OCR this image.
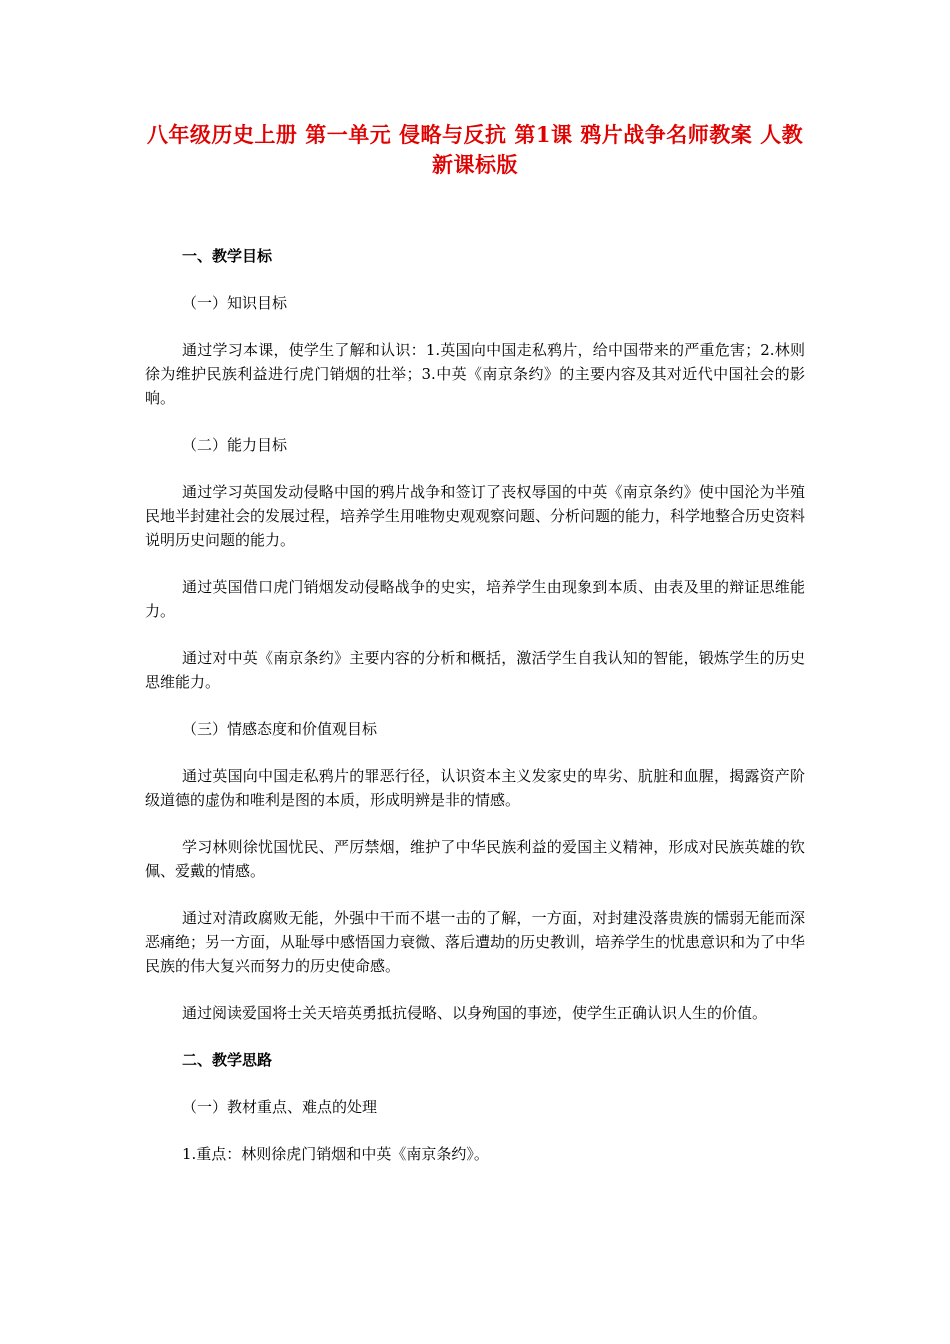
八年级历史上册 第一单元 侵略与反抗 第1课 鸦片战争名师教案 人教新课标版
一、教学目标
（一）知识目标
通过学习本课，使学生了解和认识：1.英国向中国走私鸦片，给中国带来的严重危害；2.林则徐为维护民族利益进行虎门销烟的壮举；3.中英《南京条约》的主要内容及其对近代中国社会的影响。
（二）能力目标
通过学习英国发动侵略中国的鸦片战争和签订了丧权辱国的中英《南京条约》使中国沦为半殖民地半封建社会的发展过程，培养学生用唯物史观观察问题、分析问题的能力，科学地整合历史资料说明历史问题的能力。
通过英国借口虎门销烟发动侵略战争的史实，培养学生由现象到本质、由表及里的辩证思维能力。
通过对中英《南京条约》主要内容的分析和概括，激活学生自我认知的智能，锻炼学生的历史思维能力。
（三）情感态度和价值观目标
通过英国向中国走私鸦片的罪恶行径，认识资本主义发家史的卑劣、肮脏和血腥，揭露资产阶级道德的虚伪和唯利是图的本质，形成明辨是非的情感。
学习林则徐忧国忧民、严厉禁烟，维护了中华民族利益的爱国主义精神，形成对民族英雄的钦佩、爱戴的情感。
通过对清政腐败无能，外强中干而不堪一击的了解，一方面，对封建没落贵族的懦弱无能而深恶痛绝；另一方面，从耻辱中感悟国力衰微、落后遭劫的历史教训，培养学生的忧患意识和为了中华民族的伟大复兴而努力的历史使命感。
通过阅读爱国将士关天培英勇抵抗侵略、以身殉国的事迹，使学生正确认识人生的价值。
二、教学思路
（一）教材重点、难点的处理
1.重点：林则徐虎门销烟和中英《南京条约》。
